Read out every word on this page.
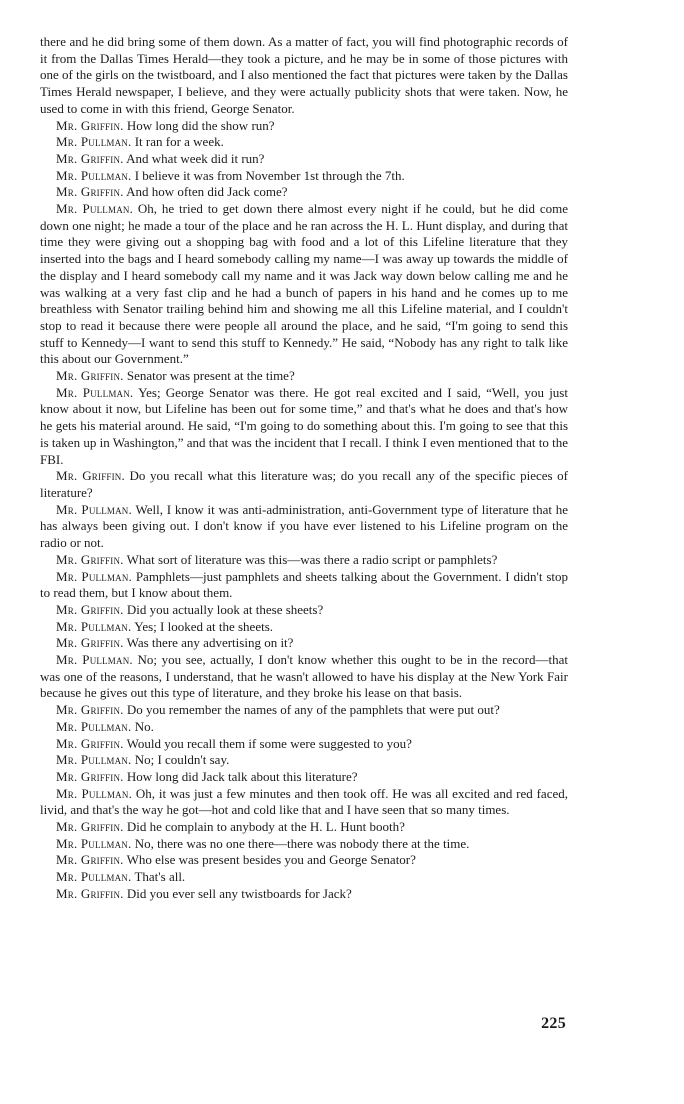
there and he did bring some of them down. As a matter of fact, you will find photographic records of it from the Dallas Times Herald—they took a picture, and he may be in some of those pictures with one of the girls on the twistboard, and I also mentioned the fact that pictures were taken by the Dallas Times Herald newspaper, I believe, and they were actually publicity shots that were taken. Now, he used to come in with this friend, George Senator.

Mr. Griffin. How long did the show run?

Mr. Pullman. It ran for a week.

Mr. Griffin. And what week did it run?

Mr. Pullman. I believe it was from November 1st through the 7th.

Mr. Griffin. And how often did Jack come?

Mr. Pullman. Oh, he tried to get down there almost every night if he could, but he did come down one night; he made a tour of the place and he ran across the H. L. Hunt display, and during that time they were giving out a shopping bag with food and a lot of this Lifeline literature that they inserted into the bags and I heard somebody calling my name—I was away up towards the middle of the display and I heard somebody call my name and it was Jack way down below calling me and he was walking at a very fast clip and he had a bunch of papers in his hand and he comes up to me breathless with Senator trailing behind him and showing me all this Lifeline material, and I couldn't stop to read it because there were people all around the place, and he said, “I'm going to send this stuff to Kennedy—I want to send this stuff to Kennedy.” He said, “Nobody has any right to talk like this about our Government.”

Mr. Griffin. Senator was present at the time?

Mr. Pullman. Yes; George Senator was there. He got real excited and I said, “Well, you just know about it now, but Lifeline has been out for some time,” and that's what he does and that's how he gets his material around. He said, “I'm going to do something about this. I'm going to see that this is taken up in Washington,” and that was the incident that I recall. I think I even mentioned that to the FBI.

Mr. Griffin. Do you recall what this literature was; do you recall any of the specific pieces of literature?

Mr. Pullman. Well, I know it was anti-administration, anti-Government type of literature that he has always been giving out. I don't know if you have ever listened to his Lifeline program on the radio or not.

Mr. Griffin. What sort of literature was this—was there a radio script or pamphlets?

Mr. Pullman. Pamphlets—just pamphlets and sheets talking about the Government. I didn't stop to read them, but I know about them.

Mr. Griffin. Did you actually look at these sheets?

Mr. Pullman. Yes; I looked at the sheets.

Mr. Griffin. Was there any advertising on it?

Mr. Pullman. No; you see, actually, I don't know whether this ought to be in the record—that was one of the reasons, I understand, that he wasn't allowed to have his display at the New York Fair because he gives out this type of literature, and they broke his lease on that basis.

Mr. Griffin. Do you remember the names of any of the pamphlets that were put out?

Mr. Pullman. No.

Mr. Griffin. Would you recall them if some were suggested to you?

Mr. Pullman. No; I couldn't say.

Mr. Griffin. How long did Jack talk about this literature?

Mr. Pullman. Oh, it was just a few minutes and then took off. He was all excited and red faced, livid, and that's the way he got—hot and cold like that and I have seen that so many times.

Mr. Griffin. Did he complain to anybody at the H. L. Hunt booth?

Mr. Pullman. No, there was no one there—there was nobody there at the time.

Mr. Griffin. Who else was present besides you and George Senator?

Mr. Pullman. That's all.

Mr. Griffin. Did you ever sell any twistboards for Jack?

225
